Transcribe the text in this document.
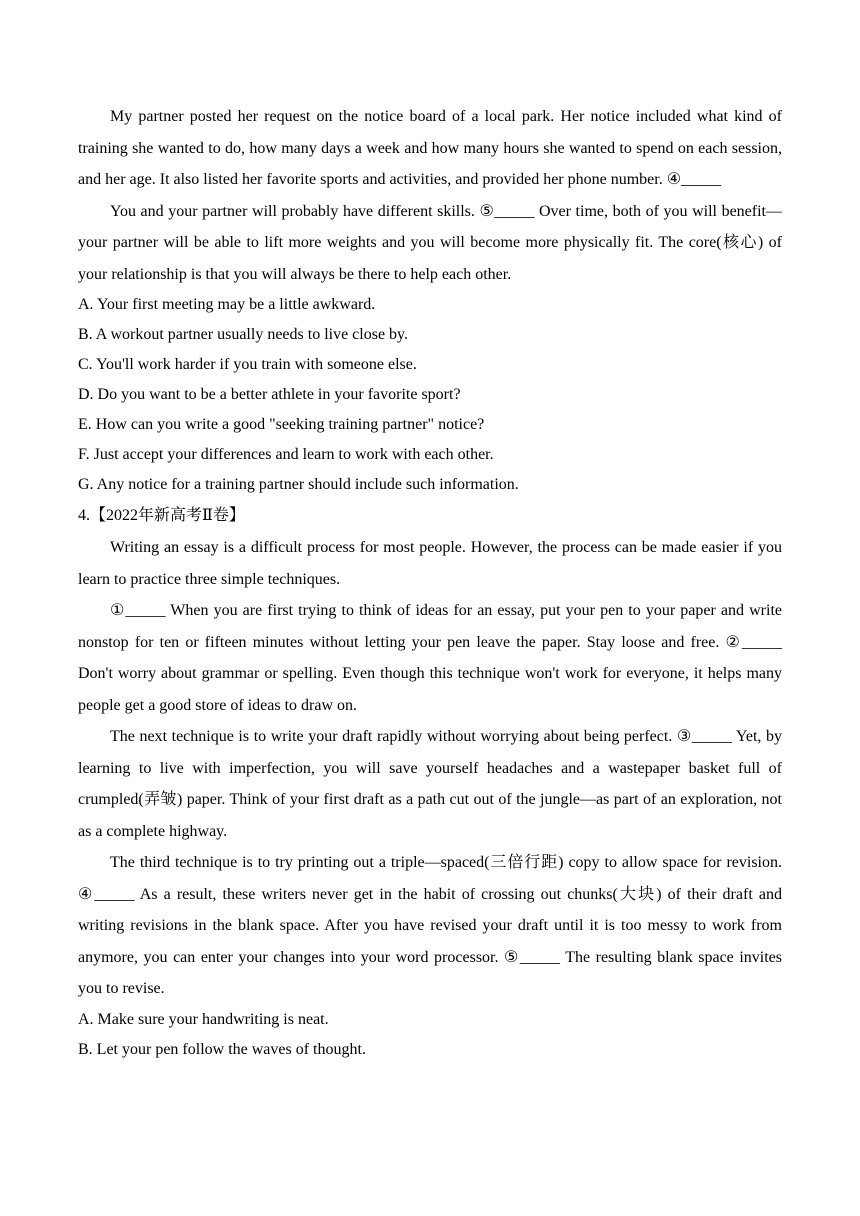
My partner posted her request on the notice board of a local park. Her notice included what kind of training she wanted to do, how many days a week and how many hours she wanted to spend on each session, and her age. It also listed her favorite sports and activities, and provided her phone number. ④_____

You and your partner will probably have different skills. ⑤_____ Over time, both of you will benefit—your partner will be able to lift more weights and you will become more physically fit. The core(核心) of your relationship is that you will always be there to help each other.

A. Your first meeting may be a little awkward.

B. A workout partner usually needs to live close by.

C. You'll work harder if you train with someone else.

D. Do you want to be a better athlete in your favorite sport?

E. How can you write a good "seeking training partner" notice?

F. Just accept your differences and learn to work with each other.

G. Any notice for a training partner should include such information.

4.【2022年新高考Ⅱ卷】

Writing an essay is a difficult process for most people. However, the process can be made easier if you learn to practice three simple techniques.

①_____ When you are first trying to think of ideas for an essay, put your pen to your paper and write nonstop for ten or fifteen minutes without letting your pen leave the paper. Stay loose and free. ②_____ Don't worry about grammar or spelling. Even though this technique won't work for everyone, it helps many people get a good store of ideas to draw on.

The next technique is to write your draft rapidly without worrying about being perfect. ③_____ Yet, by learning to live with imperfection, you will save yourself headaches and a wastepaper basket full of crumpled(弄皱) paper. Think of your first draft as a path cut out of the jungle—as part of an exploration, not as a complete highway.

The third technique is to try printing out a triple—spaced(三倍行距) copy to allow space for revision. ④_____ As a result, these writers never get in the habit of crossing out chunks(大块) of their draft and writing revisions in the blank space. After you have revised your draft until it is too messy to work from anymore, you can enter your changes into your word processor. ⑤_____ The resulting blank space invites you to revise.

A. Make sure your handwriting is neat.

B. Let your pen follow the waves of thought.
